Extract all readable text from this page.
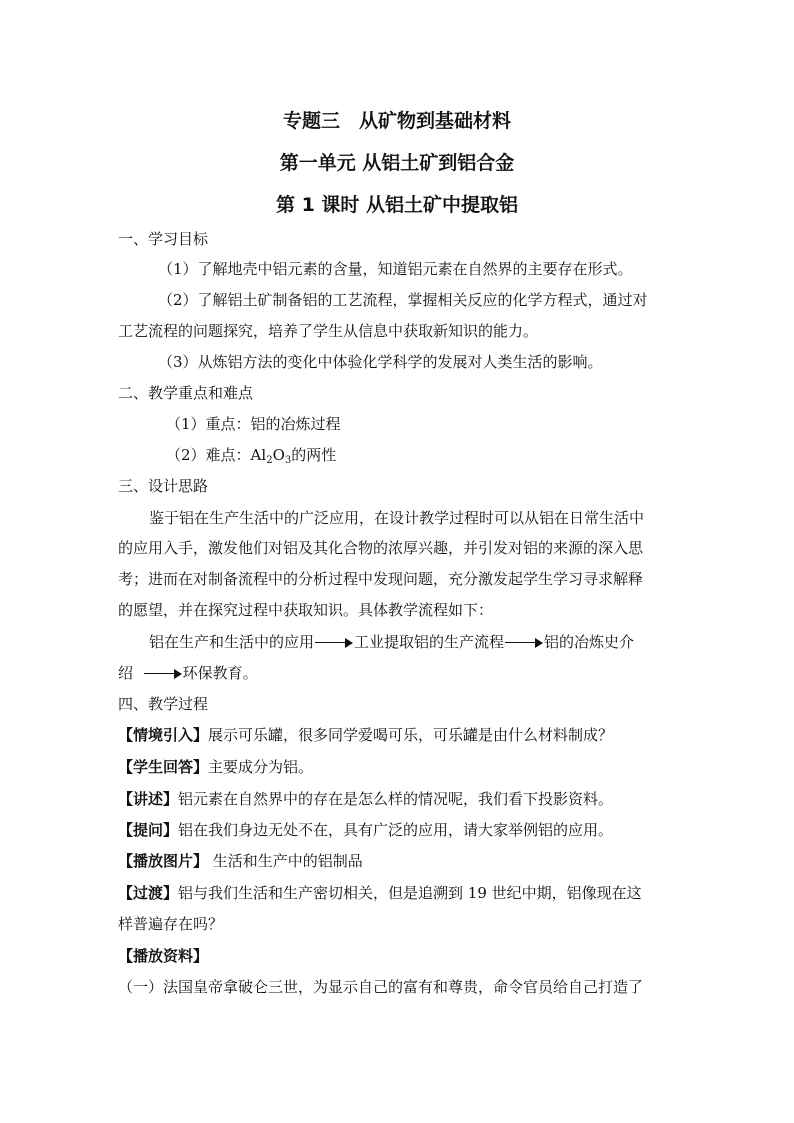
专题三　从矿物到基础材料
第一单元 从铝土矿到铝合金
第 1 课时 从铝土矿中提取铝
一、学习目标
（1）了解地壳中铝元素的含量，知道铝元素在自然界的主要存在形式。
（2）了解铝土矿制备铝的工艺流程，掌握相关反应的化学方程式，通过对
工艺流程的问题探究，培养了学生从信息中获取新知识的能力。
（3）从炼铝方法的变化中体验化学科学的发展对人类生活的影响。
二、教学重点和难点
（1）重点：铝的冶炼过程
（2）难点：$Al_2O_3$的两性
三、设计思路
鉴于铝在生产生活中的广泛应用，在设计教学过程时可以从铝在日常生活中
的应用入手，激发他们对铝及其化合物的浓厚兴趣，并引发对铝的来源的深入思
考；进而在对制备流程中的分析过程中发现问题，充分激发起学生学习寻求解释
的愿望，并在探究过程中获取知识。具体教学流程如下：
铝在生产和生活中的应用	工业提取铝的生产流程	铝的冶炼史介
绍	环保教育。
四、教学过程
【情境引入】展示可乐罐，很多同学爱喝可乐，可乐罐是由什么材料制成？
【学生回答】主要成分为铝。
【讲述】铝元素在自然界中的存在是怎么样的情况呢，我们看下投影资料。
【提问】铝在我们身边无处不在，具有广泛的应用，请大家举例铝的应用。
【播放图片】 生活和生产中的铝制品
【过渡】铝与我们生活和生产密切相关，但是追溯到 19 世纪中期，铝像现在这
样普遍存在吗？
【播放资料】
（一）法国皇帝拿破仑三世，为显示自己的富有和尊贵，命令官员给自己打造了
